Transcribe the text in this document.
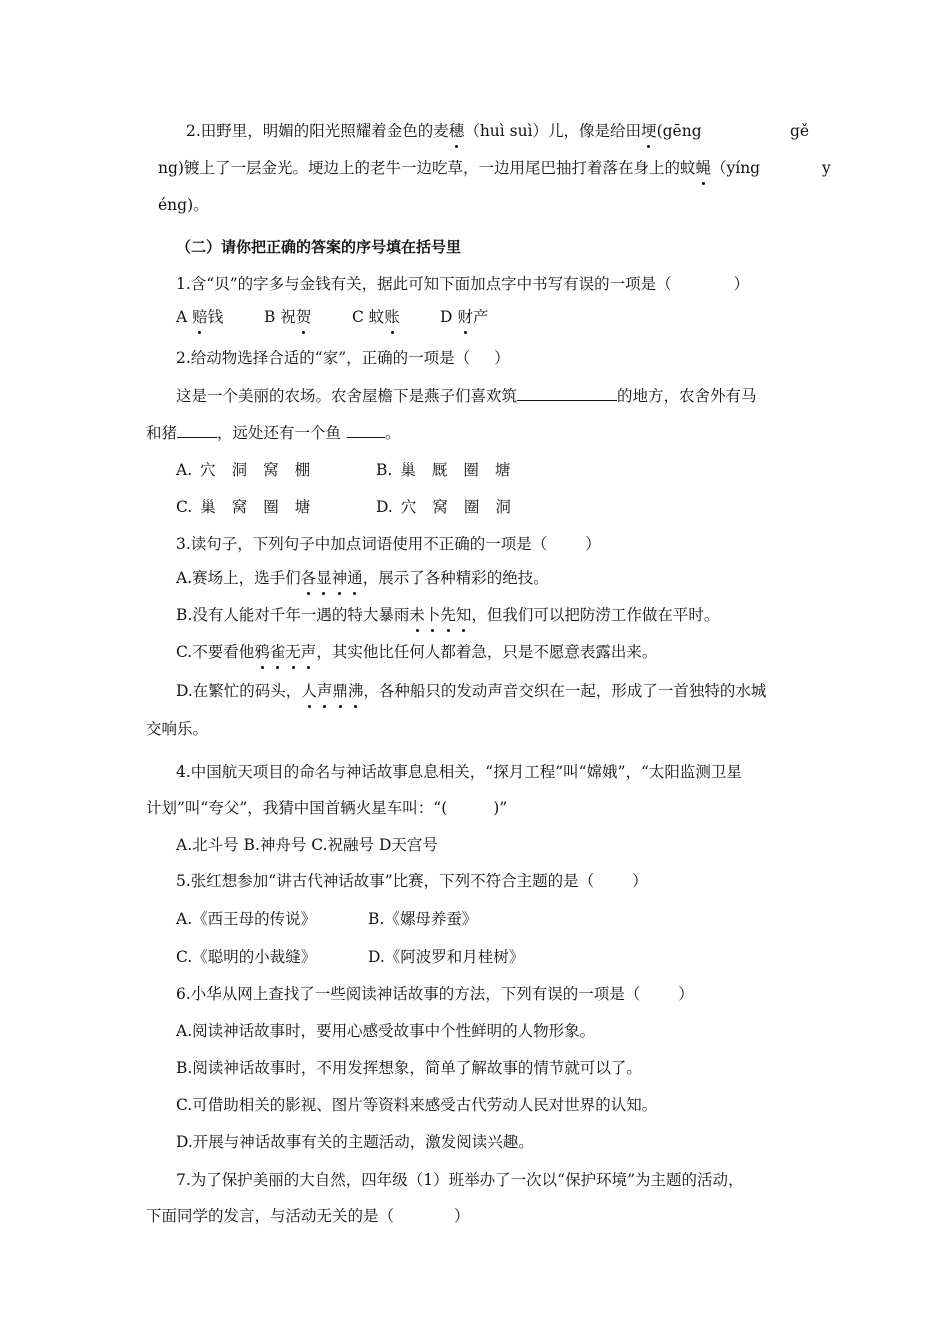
2.田野里，明媚的阳光照耀着金色的麦穗（huì suì）儿，像是给田埂(gēng	gě
ng)镀上了一层金光。埂边上的老牛一边吃草，一边用尾巴抽打着落在身上的蚊蝇（yíng	y
éng)。
（二）请你把正确的答案的序号填在括号里
1.含“贝”的字多与金钱有关，据此可知下面加点字中书写有误的一项是（	）
A 赔钱	B 祝贺	C 蚊账	D 财产
2.给动物选择合适的“家”，正确的一项是（ ）
这是一个美丽的农场。农舍屋檐下是燕子们喜欢筑	的地方，农舍外有马
和猪	，远处还有一个鱼	。
A. 穴 洞 窝 棚	B. 巢 厩 圈 塘
C. 巢 窝 圈 塘	D. 穴 窝 圈 洞
3.读句子，下列句子中加点词语使用不正确的一项是（ ）
A.赛场上，选手们各显神通，展示了各种精彩的绝技。
B.没有人能对千年一遇的特大暴雨未卜先知，但我们可以把防涝工作做在平时。
C.不要看他鸦雀无声，其实他比任何人都着急，只是不愿意表露出来。
D.在繁忙的码头，人声鼎沸，各种船只的发动声音交织在一起，形成了一首独特的水城
交响乐。
4.中国航天项目的命名与神话故事息息相关，“探月工程”叫“嫦娥”，“太阳监测卫星
计划”叫“夸父”，我猜中国首辆火星车叫：“(	)”
A.北斗号 B.神舟号 C.祝融号 D天宫号
5.张红想参加“讲古代神话故事”比赛，下列不符合主题的是（ ）
A.《西王母的传说》	B.《嫘母养蚕》
C.《聪明的小裁缝》	D.《阿波罗和月桂树》
6.小华从网上查找了一些阅读神话故事的方法，下列有误的一项是（ ）
A.阅读神话故事时，要用心感受故事中个性鲜明的人物形象。
B.阅读神话故事时，不用发挥想象，简单了解故事的情节就可以了。
C.可借助相关的影视、图片等资料来感受古代劳动人民对世界的认知。
D.开展与神话故事有关的主题活动，激发阅读兴趣。
7.为了保护美丽的大自然，四年级（1）班举办了一次以“保护环境”为主题的活动，
下面同学的发言，与活动无关的是（	）
